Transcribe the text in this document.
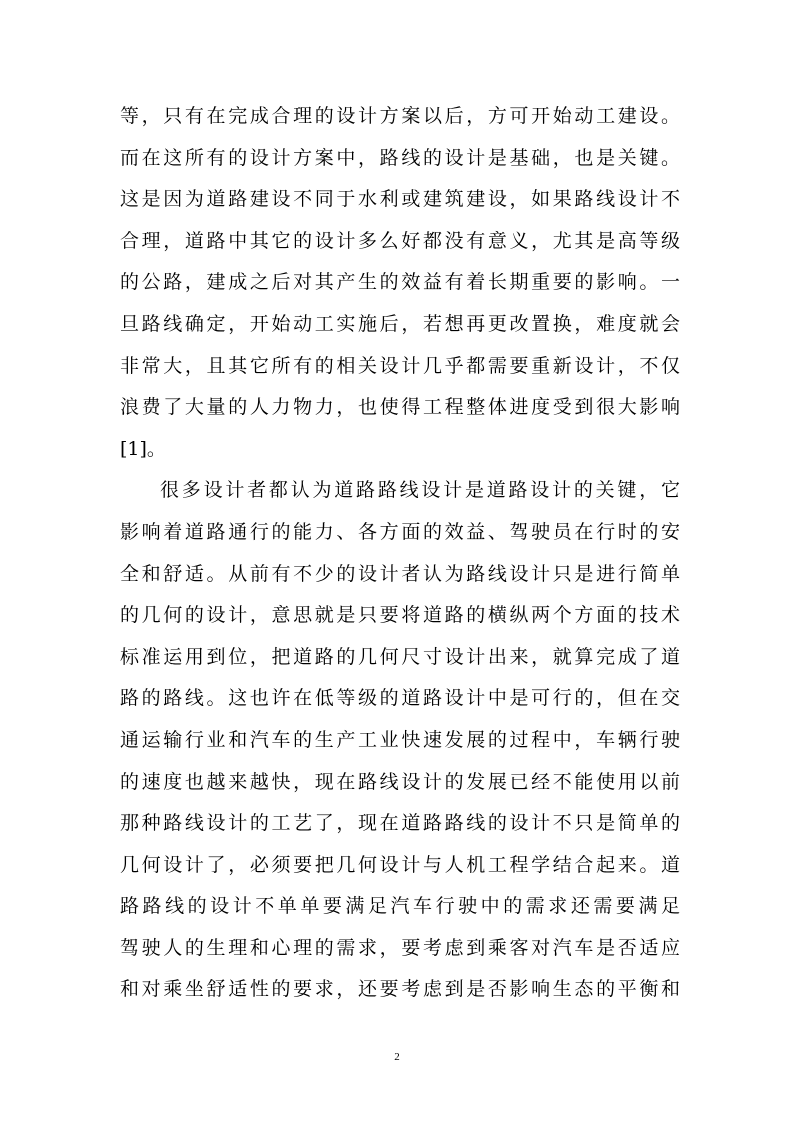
等，只有在完成合理的设计方案以后，方可开始动工建设。
而在这所有的设计方案中，路线的设计是基础，也是关键。
这是因为道路建设不同于水利或建筑建设，如果路线设计不
合理，道路中其它的设计多么好都没有意义，尤其是高等级
的公路，建成之后对其产生的效益有着长期重要的影响。一
旦路线确定，开始动工实施后，若想再更改置换，难度就会
非常大，且其它所有的相关设计几乎都需要重新设计，不仅
浪费了大量的人力物力，也使得工程整体进度受到很大影响
[1]。
很多设计者都认为道路路线设计是道路设计的关键，它
影响着道路通行的能力、各方面的效益、驾驶员在行时的安
全和舒适。从前有不少的设计者认为路线设计只是进行简单
的几何的设计，意思就是只要将道路的横纵两个方面的技术
标准运用到位，把道路的几何尺寸设计出来，就算完成了道
路的路线。这也许在低等级的道路设计中是可行的，但在交
通运输行业和汽车的生产工业快速发展的过程中，车辆行驶
的速度也越来越快，现在路线设计的发展已经不能使用以前
那种路线设计的工艺了，现在道路路线的设计不只是简单的
几何设计了，必须要把几何设计与人机工程学结合起来。道
路路线的设计不单单要满足汽车行驶中的需求还需要满足
驾驶人的生理和心理的需求，要考虑到乘客对汽车是否适应
和对乘坐舒适性的要求，还要考虑到是否影响生态的平衡和
2
